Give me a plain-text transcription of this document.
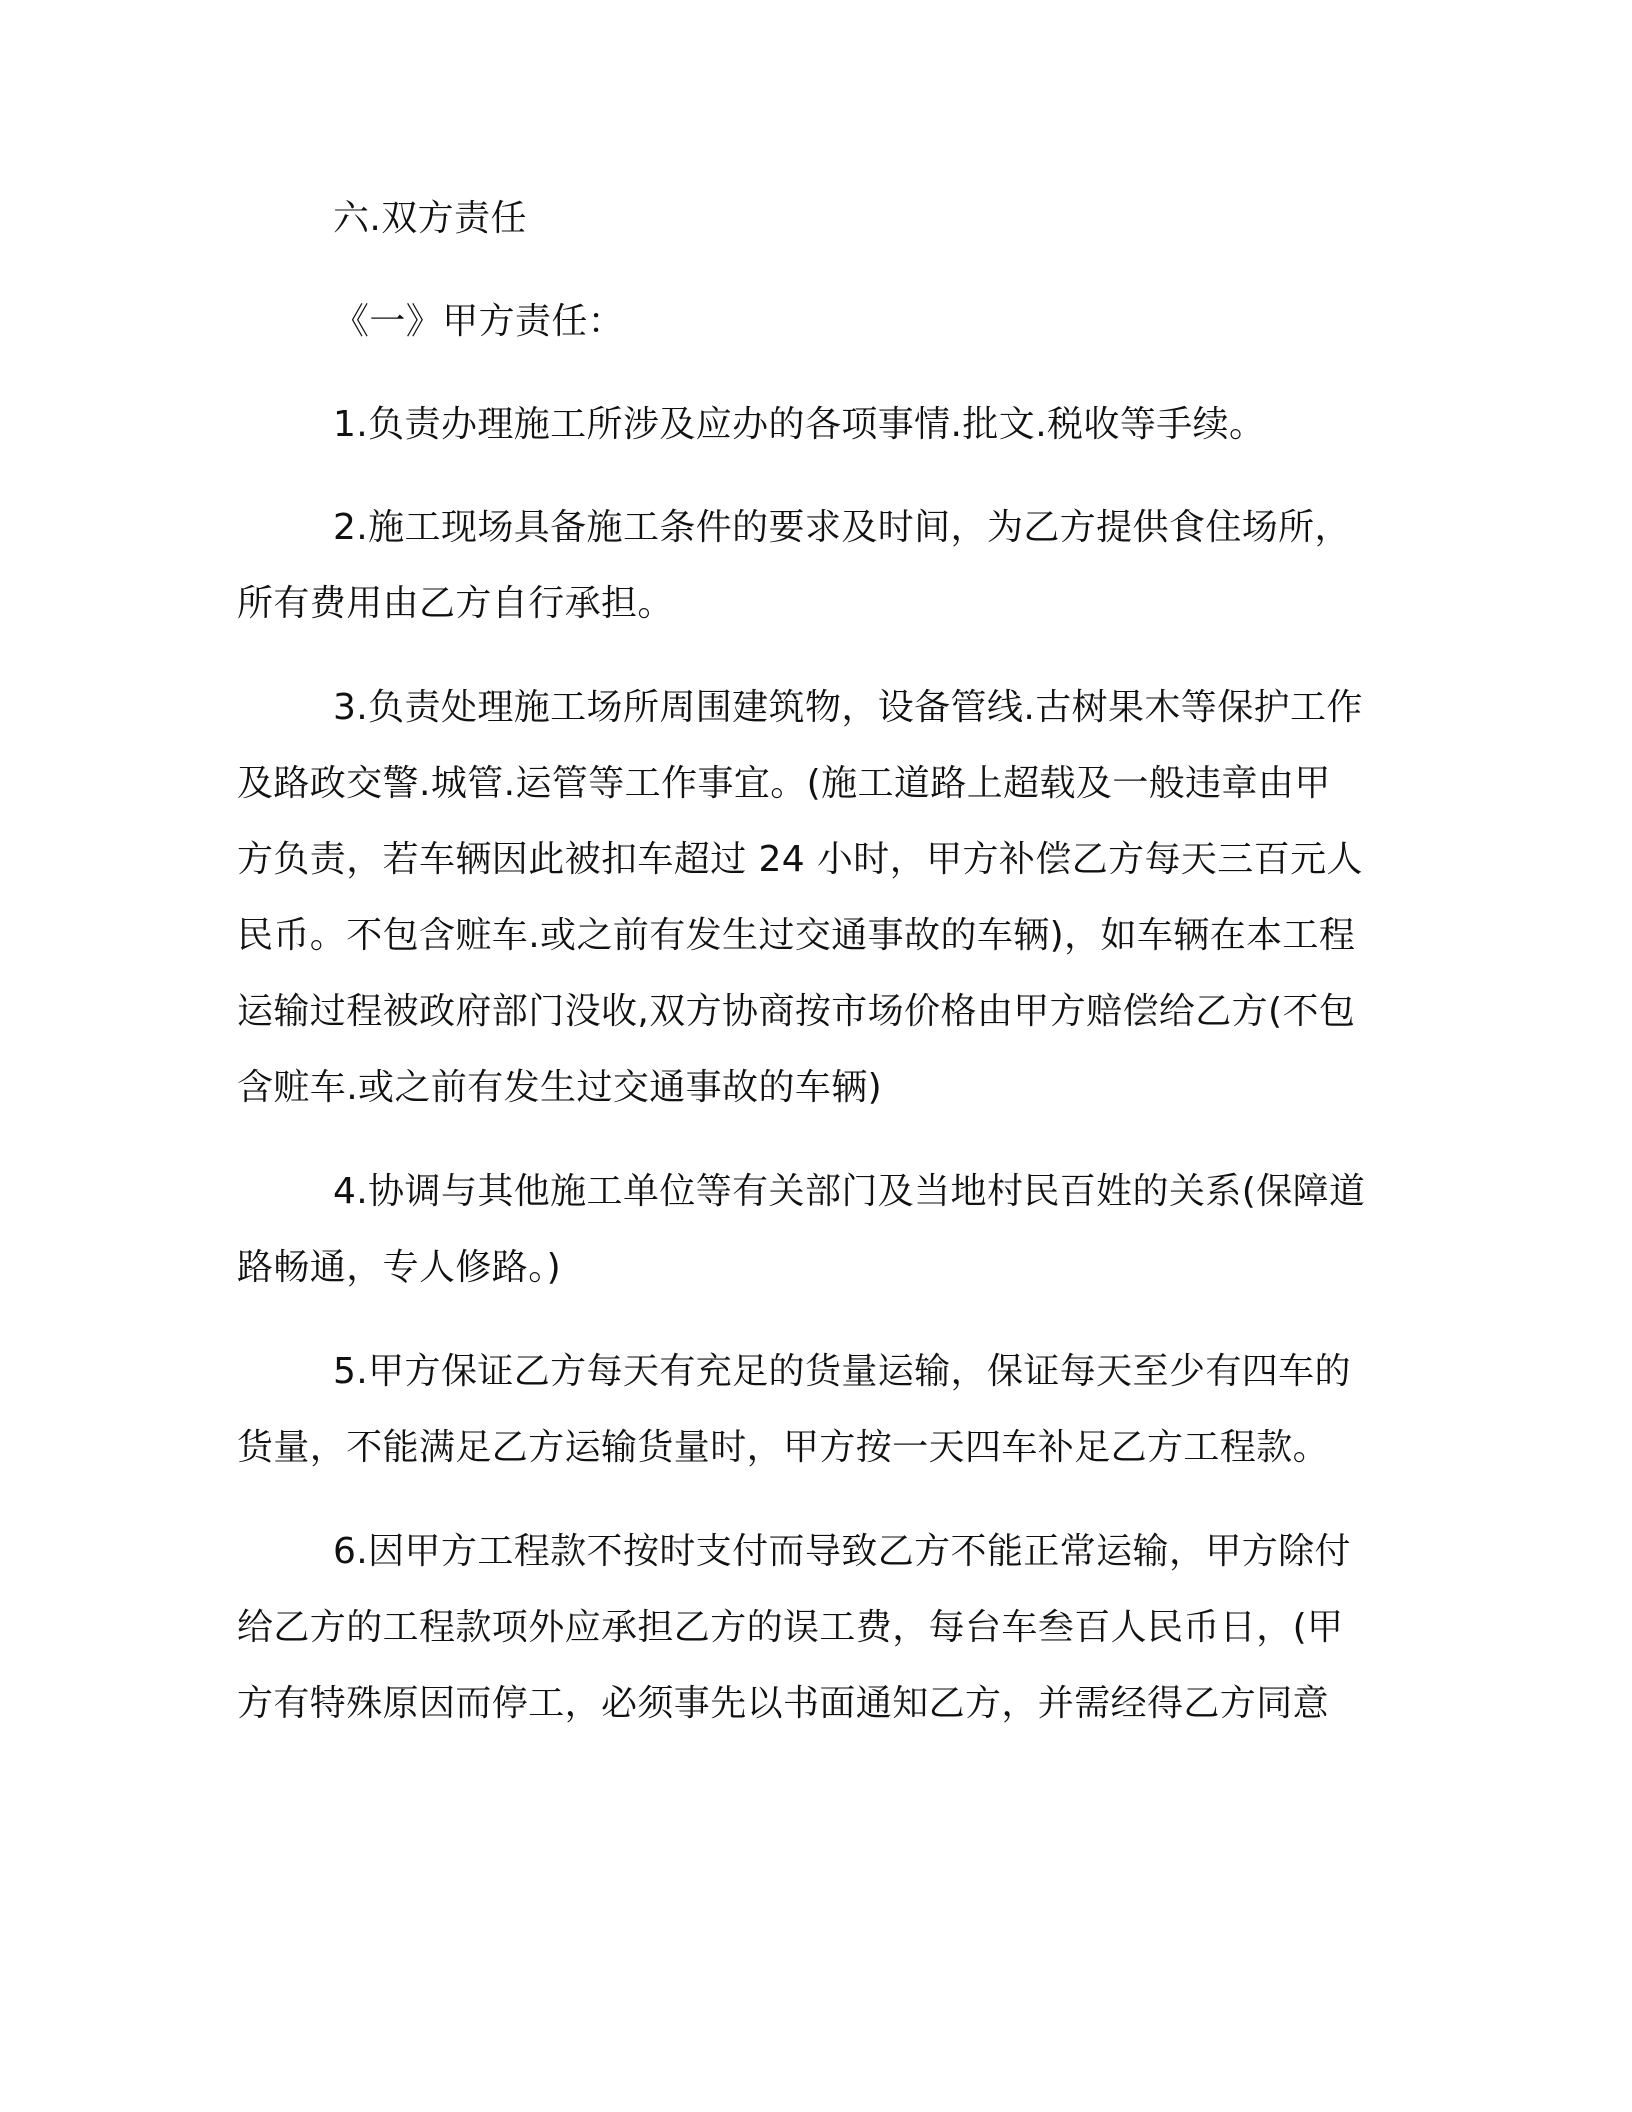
六.双方责任
《一》甲方责任：
1.负责办理施工所涉及应办的各项事情.批文.税收等手续。
2.施工现场具备施工条件的要求及时间，为乙方提供食住场所，
所有费用由乙方自行承担。
3.负责处理施工场所周围建筑物，设备管线.古树果木等保护工作
及路政交警.城管.运管等工作事宜。(施工道路上超载及一般违章由甲
方负责，若车辆因此被扣车超过 24 小时，甲方补偿乙方每天三百元人
民币。不包含赃车.或之前有发生过交通事故的车辆)，如车辆在本工程
运输过程被政府部门没收,双方协商按市场价格由甲方赔偿给乙方(不包
含赃车.或之前有发生过交通事故的车辆)
4.协调与其他施工单位等有关部门及当地村民百姓的关系(保障道
路畅通，专人修路。)
5.甲方保证乙方每天有充足的货量运输，保证每天至少有四车的
货量，不能满足乙方运输货量时，甲方按一天四车补足乙方工程款。
6.因甲方工程款不按时支付而导致乙方不能正常运输，甲方除付
给乙方的工程款项外应承担乙方的误工费，每台车叁百人民币日，(甲
方有特殊原因而停工，必须事先以书面通知乙方，并需经得乙方同意
